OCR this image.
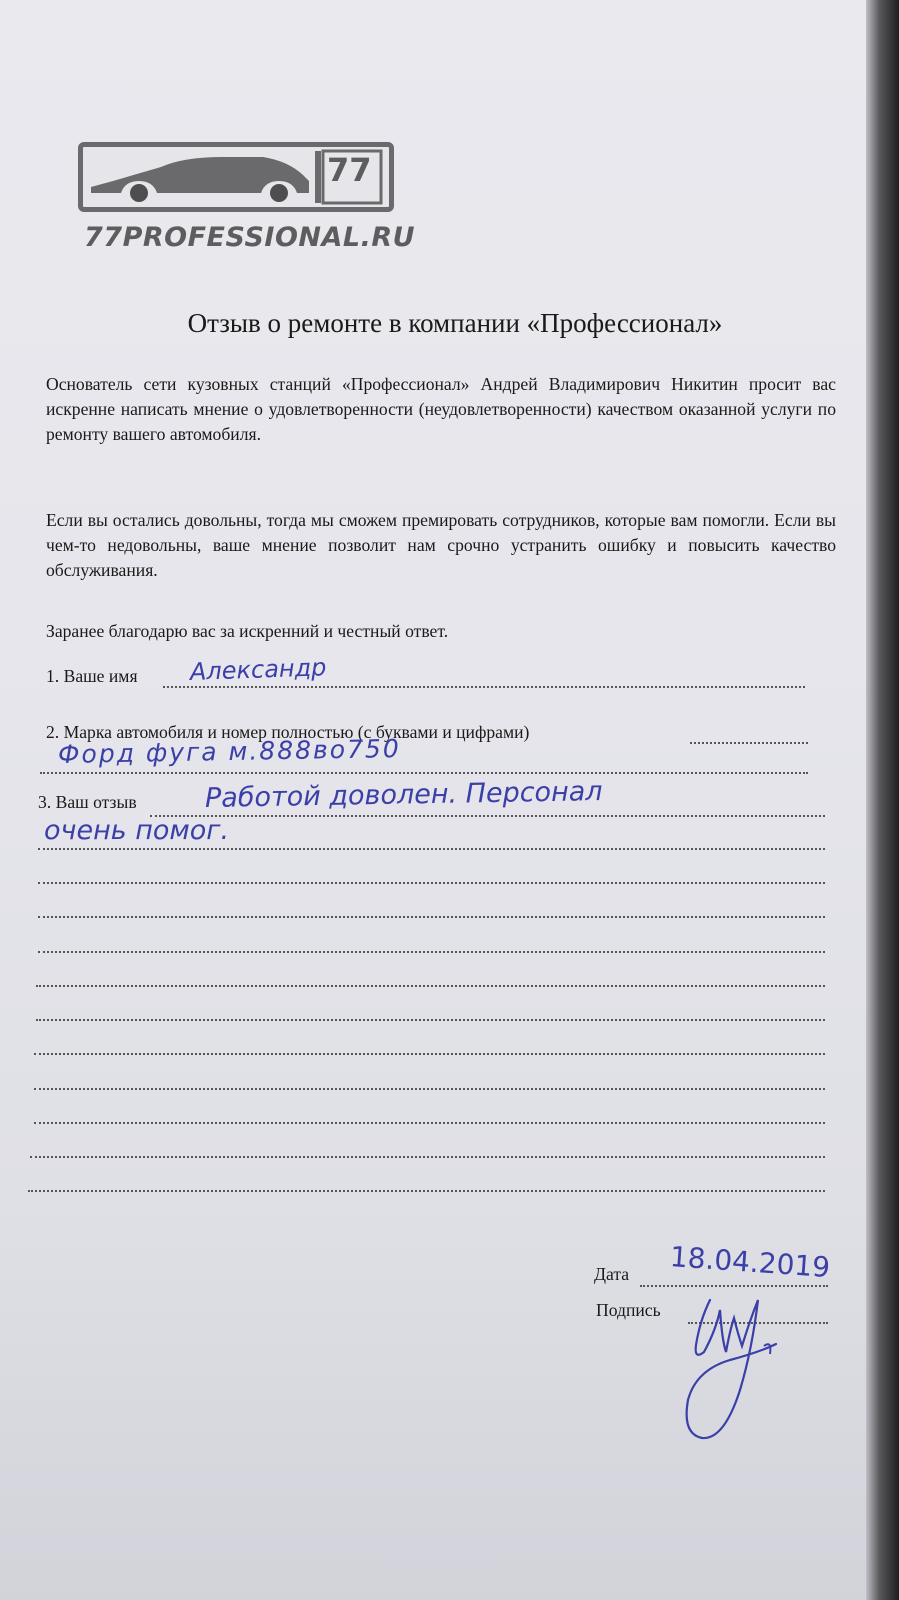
77
77PROFESSIONAL.RU
Отзыв о ремонте в компании «Профессионал»
Основатель сети кузовных станций «Профессионал» Андрей Владимирович Никитин просит вас искренне написать мнение о удовлетворенности (неудовлетворенности) качеством оказанной услуги по ремонту вашего автомобиля.
Если вы остались довольны, тогда мы сможем премировать сотрудников, которые вам помогли. Если вы чем-то недовольны, ваше мнение позволит нам срочно устранить ошибку и повысить качество обслуживания.
Заранее благодарю вас за искренний и честный ответ.
1. Ваше имя Александр
2. Марка автомобиля и номер полностью (с буквами и цифрами)
Форд фуга м.888во750
3. Ваш отзыв	Работой доволен. Персонал
очень помог.
Дата 18.04.2019
Подпись
